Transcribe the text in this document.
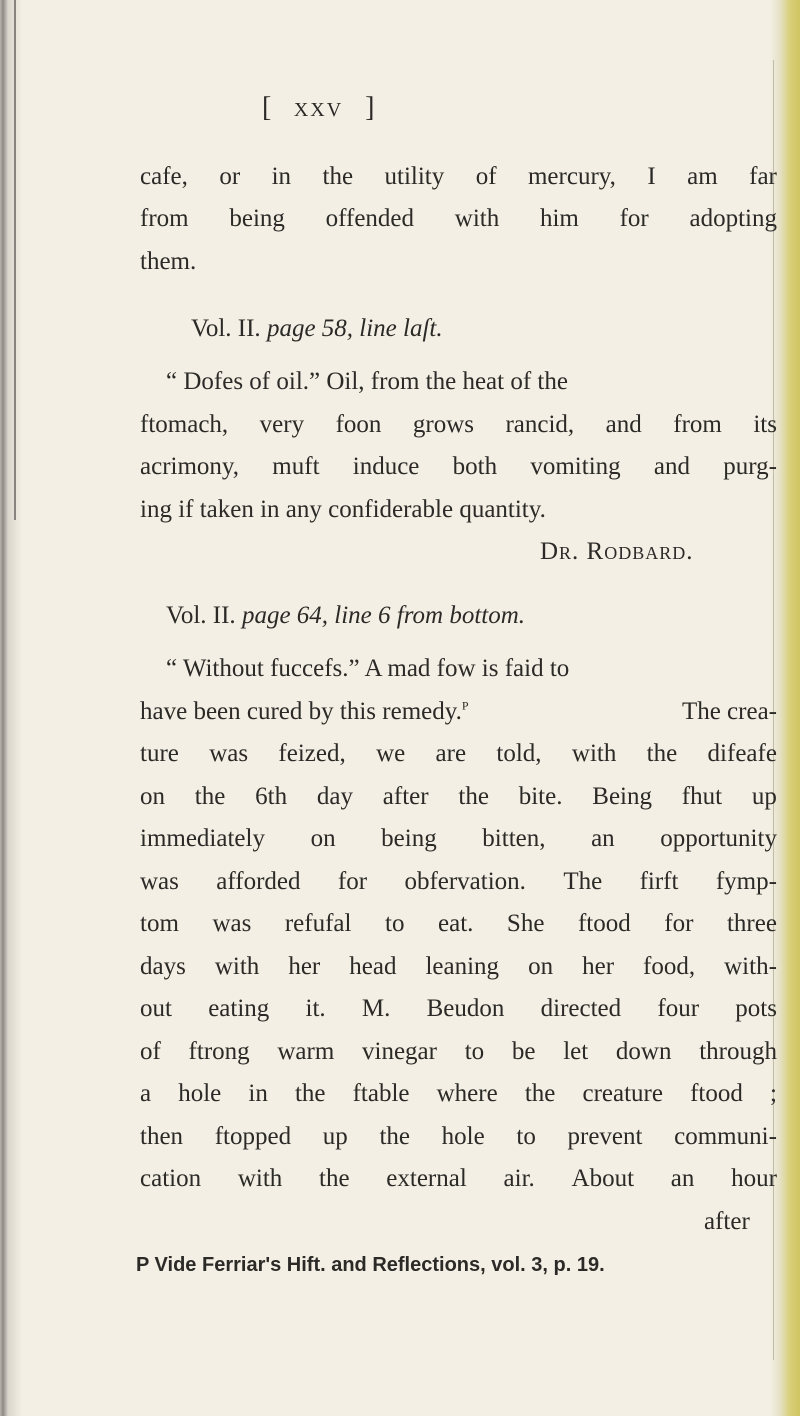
[ XXV ]
cafe, or in the utility of mercury, I am far
from being offended with him for adopting
them.
Vol. II. page 58, line laſt.
“ Dofes of oil.” Oil, from the heat of the
ftomach, very foon grows rancid, and from its
acrimony, muft induce both vomiting and purg-
ing if taken in any confiderable quantity.
Dr. Rodbard.
Vol. II. page 64, line 6 from bottom.
“ Without fuccefs.” A mad fow is faid to
have been cured by this remedy.$^P$	The crea-
ture was feized, we are told, with the difeafe
on the 6th day after the bite. Being fhut up
immediately on being bitten, an opportunity
was afforded for obfervation. The firft fymp-
tom was refufal to eat. She ftood for three
days with her head leaning on her food, with-
out eating it. M. Beudon directed four pots
of ftrong warm vinegar to be let down through
a hole in the ftable where the creature ftood ;
then ftopped up the hole to prevent communi-
cation with the external air. About an hour
after
P Vide Ferriar's Hift. and Reflections, vol. 3, p. 19.
